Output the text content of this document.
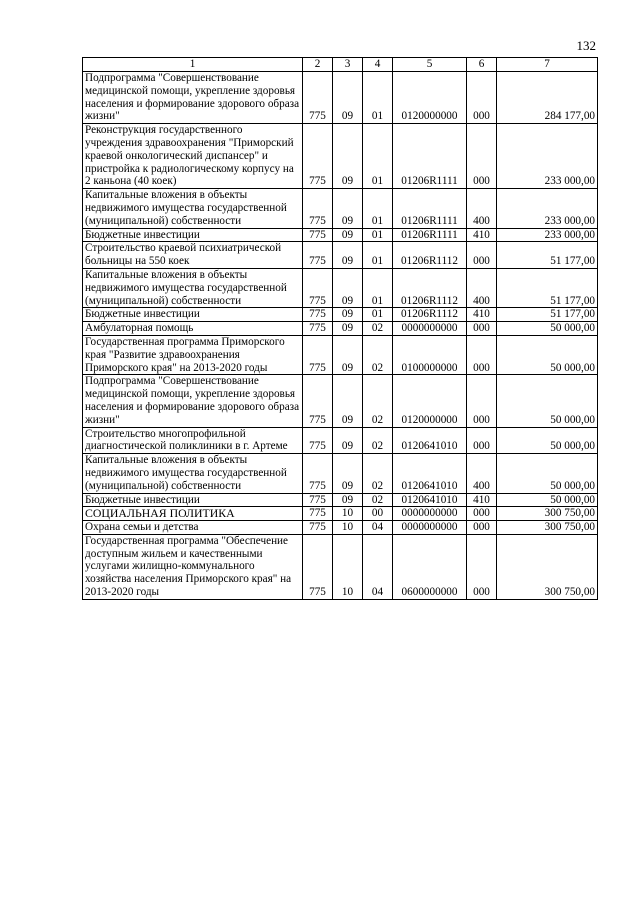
132
1	2	3	4	5	6	7
Подпрограмма "Совершенствование медицинской помощи, укрепление здоровья населения и формирование здорового образа жизни"	775	09	01	0120000000	000	284 177,00
Реконструкция государственного учреждения здравоохранения "Приморский краевой онкологический диспансер" и пристройка к радиологическому корпусу на 2 каньона (40 коек)	775	09	01	01206R1111	000	233 000,00
Капитальные вложения в объекты недвижимого имущества государственной (муниципальной) собственности	775	09	01	01206R1111	400	233 000,00
Бюджетные инвестиции	775	09	01	01206R1111	410	233 000,00
Строительство краевой психиатрической больницы на 550 коек	775	09	01	01206R1112	000	51 177,00
Капитальные вложения в объекты недвижимого имущества государственной (муниципальной) собственности	775	09	01	01206R1112	400	51 177,00
Бюджетные инвестиции	775	09	01	01206R1112	410	51 177,00
Амбулаторная помощь	775	09	02	0000000000	000	50 000,00
Государственная программа Приморского края "Развитие здравоохранения Приморского края" на 2013-2020 годы	775	09	02	0100000000	000	50 000,00
Подпрограмма "Совершенствование медицинской помощи, укрепление здоровья населения и формирование здорового образа жизни"	775	09	02	0120000000	000	50 000,00
Строительство многопрофильной диагностической поликлиники в г. Артеме	775	09	02	0120641010	000	50 000,00
Капитальные вложения в объекты недвижимого имущества государственной (муниципальной) собственности	775	09	02	0120641010	400	50 000,00
Бюджетные инвестиции	775	09	02	0120641010	410	50 000,00
СОЦИАЛЬНАЯ ПОЛИТИКА	775	10	00	0000000000	000	300 750,00
Охрана семьи и детства	775	10	04	0000000000	000	300 750,00
Государственная программа "Обеспечение доступным жильем и качественными услугами жилищно-коммунального хозяйства населения Приморского края" на 2013-2020 годы	775	10	04	0600000000	000	300 750,00
